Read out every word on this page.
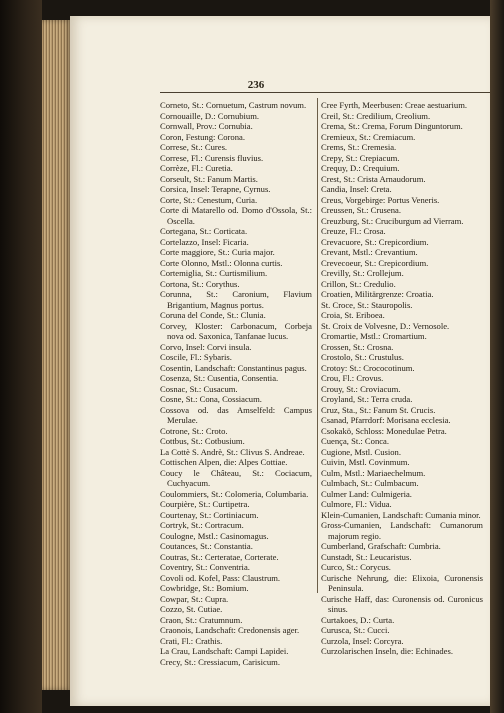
236
Corneto, St.: Cornuetum, Castrum novum.
Cornouaille, D.: Cornubium.
Cornwall, Prov.: Cornubia.
Coron, Festung: Corona.
Correse, St.: Cures.
Correse, Fl.: Curensis fluvius.
Corrèze, Fl.: Curetia.
Corseult, St.: Fanum Martis.
Corsica, Insel: Terapne, Cyrnus.
Corte, St.: Cenestum, Curia.
Corte di Matarello od. Domo d'Ossola, St.: Oscella.
Cortegana, St.: Corticata.
Cortelazzo, Insel: Ficaria.
Corte maggiore, St.: Curia major.
Corte Olonno, Mstl.: Olonna curtis.
Cortemiglia, St.: Curtismilium.
Cortona, St.: Corythus.
Corunna, St.: Caronium, Flavium Brigantium, Magnus portus.
Coruna del Conde, St.: Clunia.
Corvey, Kloster: Carbonacum, Corbeja nova od. Saxonica, Tanfanae lucus.
Corvo, Insel: Corvi insula.
Coscile, Fl.: Sybaris.
Cosentin, Landschaft: Constantinus pagus.
Cosenza, St.: Cusentia, Consentia.
Cosnac, St.: Cusacum.
Cosne, St.: Cona, Cossiacum.
Cossova od. das Amselfeld: Campus Merulae.
Cotrone, St.: Croto.
Cottbus, St.: Cotbusium.
La Cottè S. Andrè, St.: Clivus S. Andreae.
Cottischen Alpen, die: Alpes Cottiae.
Coucy le Château, St.: Cociacum, Cuchyacum.
Coulommiers, St.: Colomeria, Columbaria.
Courpière, St.: Curtipetra.
Courtenay, St.: Cortiniacum.
Cortryk, St.: Cortracum.
Coulogne, Mstl.: Casinomagus.
Coutances, St.: Constantia.
Coutras, St.: Certeratae, Corterate.
Coventry, St.: Conventria.
Covoli od. Kofel, Pass: Claustrum.
Cowbridge, St.: Bomium.
Cowpar, St.: Cupra.
Cozzo, St. Cutiae.
Craon, St.: Cratumnum.
Craonois, Landschaft: Credonensis ager.
Crati, Fl.: Crathis.
La Crau, Landschaft: Campi Lapidei.
Crecy, St.: Cressiacum, Carisicum.
Cree Fyrth, Meerbusen: Creae aestuarium.
Creil, St.: Credilium, Creolium.
Crema, St.: Crema, Forum Dinguntorum.
Cremieux, St.: Cremiacum.
Crems, St.: Cremesia.
Crepy, St.: Crepiacum.
Crequy, D.: Crequium.
Crest, St.: Crista Arnaudorum.
Candia, Insel: Creta.
Creus, Vorgebirge: Portus Veneris.
Creussen, St.: Crusena.
Creuzburg, St.: Cruciburgum ad Vierram.
Creuze, Fl.: Crosa.
Crevacuore, St.: Crepicordium.
Crevant, Mstl.: Crevantium.
Crevecoeur, St.: Crepicordium.
Crevilly, St.: Crollejum.
Crillon, St.: Credulio.
Croatien, Militärgrenze: Croatia.
St. Croce, St.: Stauropolis.
Croia, St. Eriboea.
St. Croix de Volvesne, D.: Vernosole.
Cromartie, Mstl.: Cromartium.
Crossen, St.: Crosna.
Crostolo, St.: Crustulus.
Crotoy: St.: Crococotinum.
Crou, Fl.: Crovus.
Crouy, St.: Croviacum.
Croyland, St.: Terra cruda.
Cruz, Sta., St.: Fanum St. Crucis.
Csanad, Pfarrdorf: Morisana ecclesia.
Csokakö, Schloss: Monedulae Petra.
Cuença, St.: Conca.
Cugione, Mstl. Cusion.
Cuivin, Mstl. Covinmum.
Culm, Mstl.: Mariaechelmum.
Culmbach, St.: Culmbacum.
Culmer Land: Culmigeria.
Culmore, Fl.: Vidua.
Klein-Cumanien, Landschaft: Cumania minor.
Gross-Cumanien, Landschaft: Cumanorum majorum regio.
Cumberland, Grafschaft: Cumbria.
Cunstadt, St.: Leucaristus.
Curco, St.: Corycus.
Curische Nehrung, die: Elixoia, Curonensis Peninsula.
Curische Haff, das: Curonensis od. Curonicus sinus.
Curtakoes, D.: Curta.
Curusca, St.: Cucci.
Curzola, Insel: Corcyra.
Curzolarischen Inseln, die: Echinades.
